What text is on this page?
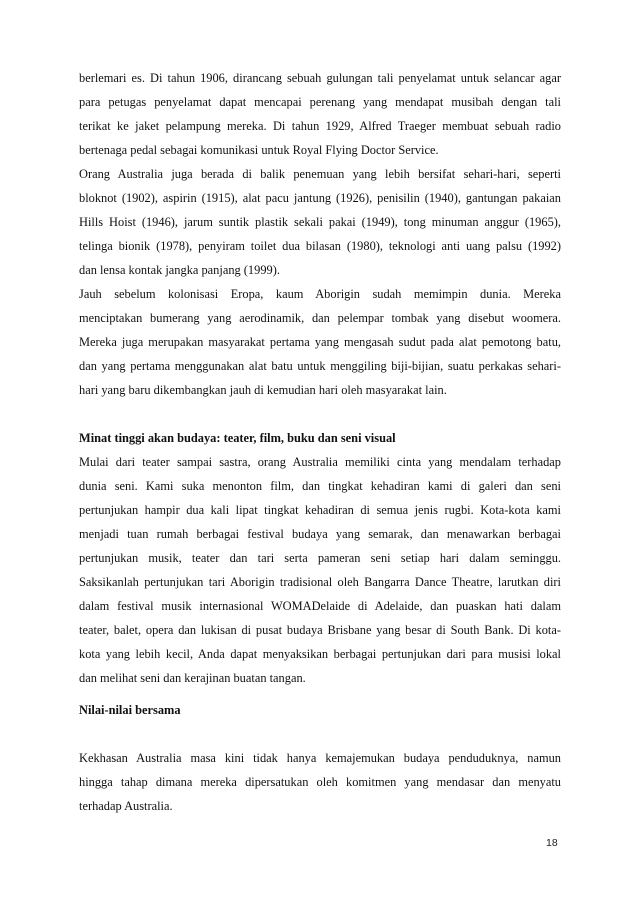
berlemari es. Di tahun 1906, dirancang sebuah gulungan tali penyelamat untuk selancar agar
para petugas penyelamat dapat mencapai perenang yang mendapat musibah dengan tali
terikat ke jaket pelampung mereka. Di tahun 1929, Alfred Traeger membuat sebuah radio
bertenaga pedal sebagai komunikasi untuk Royal Flying Doctor Service.
Orang Australia juga berada di balik penemuan yang lebih bersifat sehari-hari, seperti
bloknot (1902), aspirin (1915), alat pacu jantung (1926), penisilin (1940), gantungan pakaian
Hills Hoist (1946), jarum suntik plastik sekali pakai (1949), tong minuman anggur (1965),
telinga bionik (1978), penyiram toilet dua bilasan (1980), teknologi anti uang palsu (1992)
dan lensa kontak jangka panjang (1999).
Jauh sebelum kolonisasi Eropa, kaum Aborigin sudah memimpin dunia. Mereka
menciptakan bumerang yang aerodinamik, dan pelempar tombak yang disebut woomera.
Mereka juga merupakan masyarakat pertama yang mengasah sudut pada alat pemotong batu,
dan yang pertama menggunakan alat batu untuk menggiling biji-bijian, suatu perkakas sehari-
hari yang baru dikembangkan jauh di kemudian hari oleh masyarakat lain.
Minat tinggi akan budaya: teater, film, buku dan seni visual
Mulai dari teater sampai sastra, orang Australia memiliki cinta yang mendalam terhadap
dunia seni. Kami suka menonton film, dan tingkat kehadiran kami di galeri dan seni
pertunjukan hampir dua kali lipat tingkat kehadiran di semua jenis rugbi. Kota-kota kami
menjadi tuan rumah berbagai festival budaya yang semarak, dan menawarkan berbagai
pertunjukan musik, teater dan tari serta pameran seni setiap hari dalam seminggu.
Saksikanlah pertunjukan tari Aborigin tradisional oleh Bangarra Dance Theatre, larutkan diri
dalam festival musik internasional WOMADelaide di Adelaide, dan puaskan hati dalam
teater, balet, opera dan lukisan di pusat budaya Brisbane yang besar di South Bank. Di kota-
kota yang lebih kecil, Anda dapat menyaksikan berbagai pertunjukan dari para musisi lokal
dan melihat seni dan kerajinan buatan tangan.
Nilai-nilai bersama
Kekhasan Australia masa kini tidak hanya kemajemukan budaya penduduknya, namun
hingga tahap dimana mereka dipersatukan oleh komitmen yang mendasar dan menyatu
terhadap Australia.
18
